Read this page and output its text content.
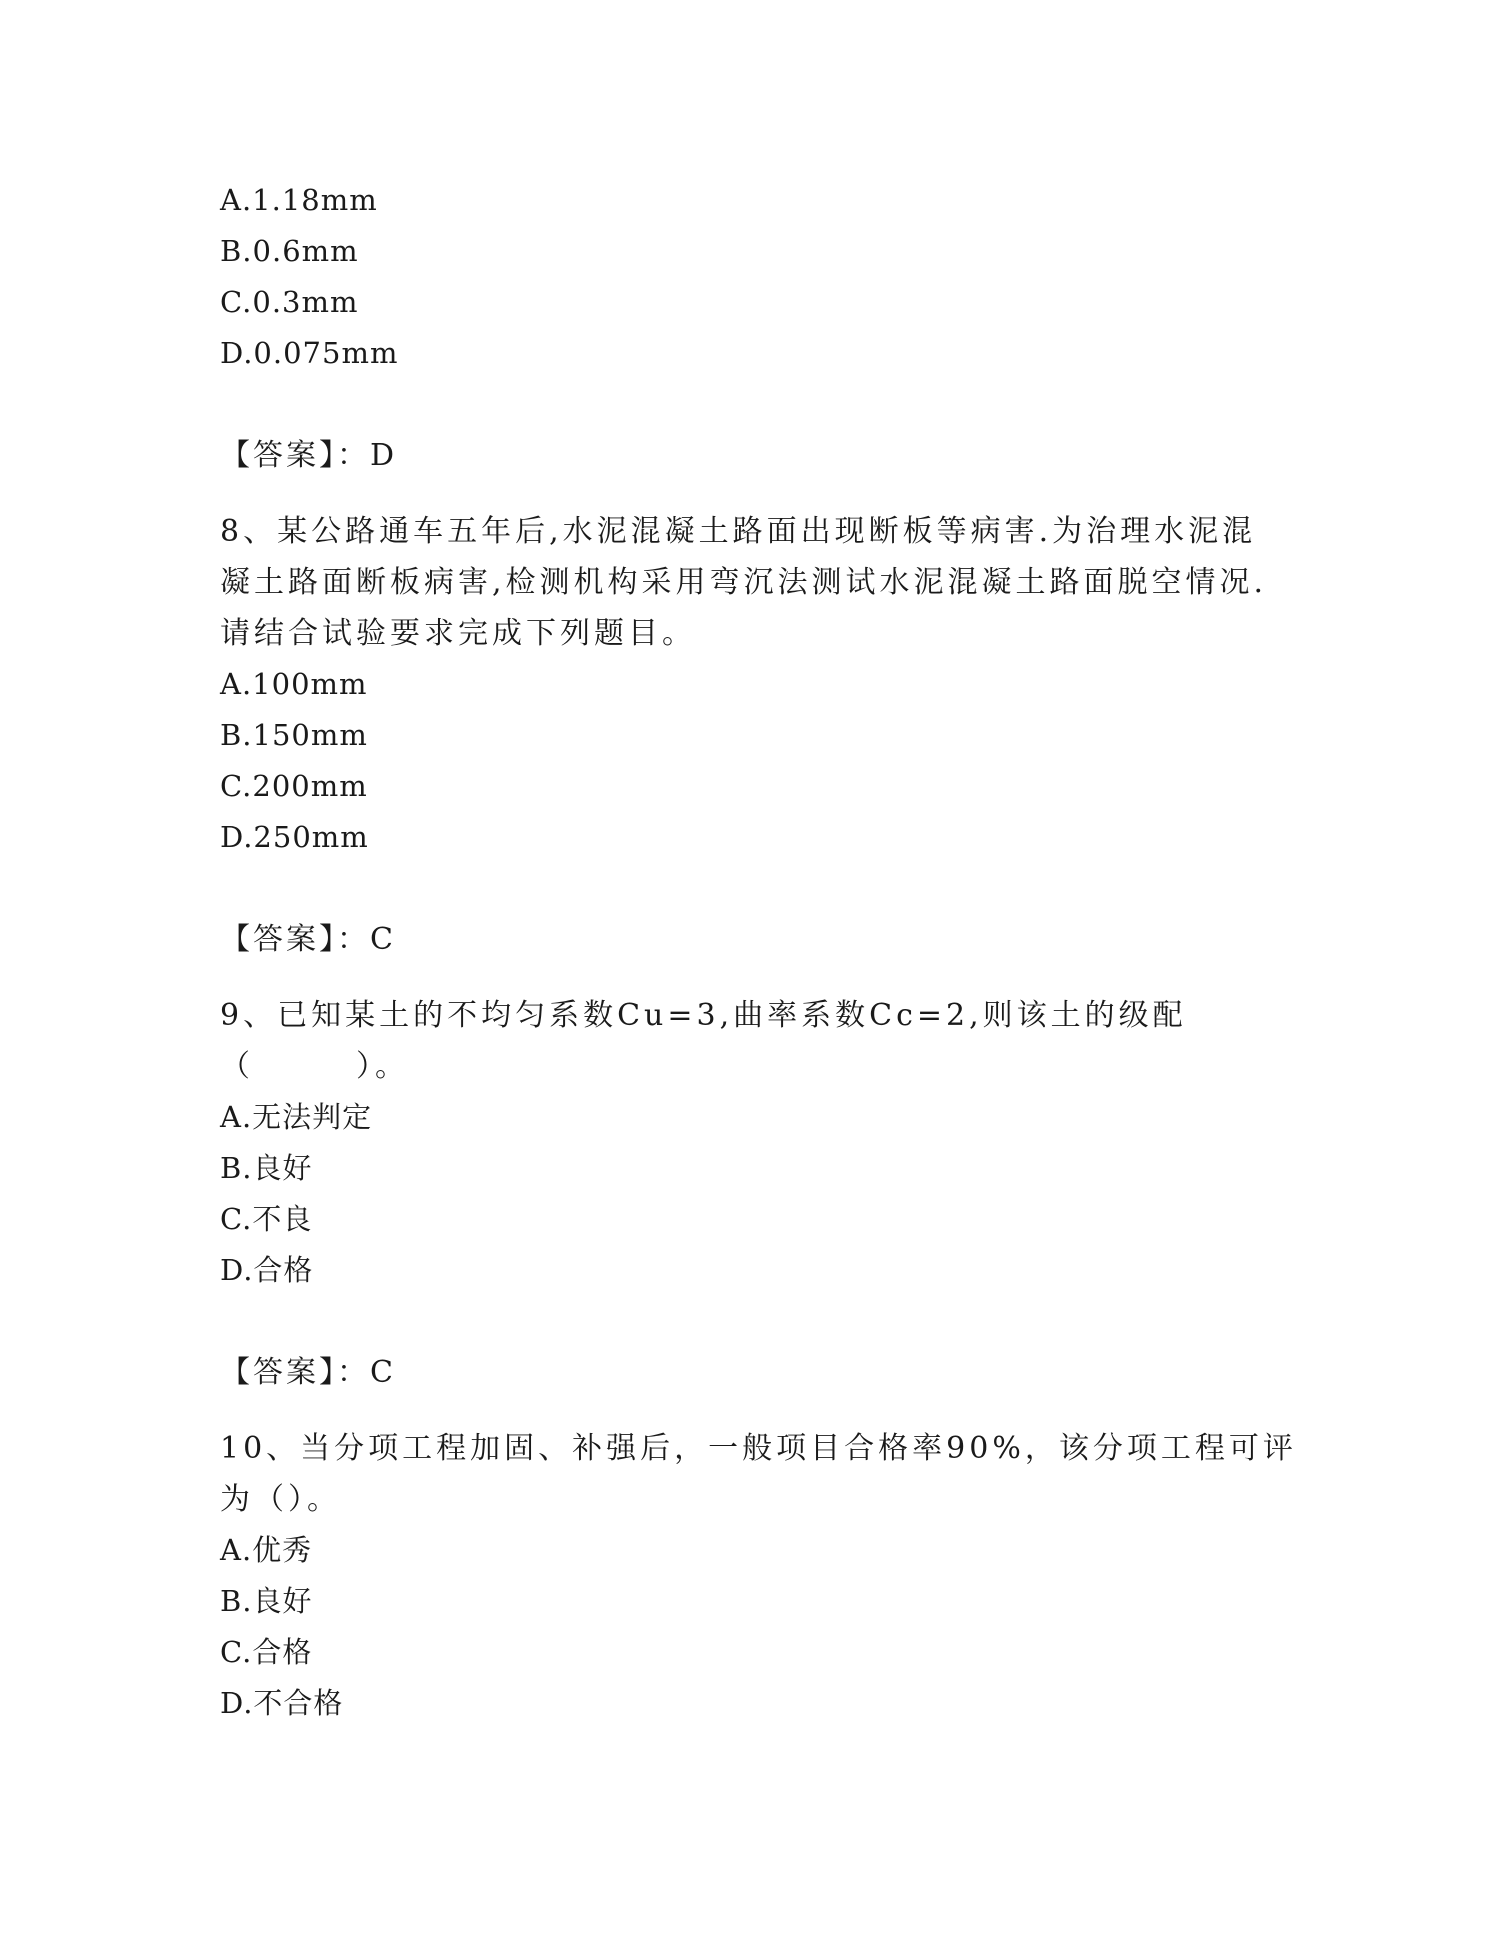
A.1.18mm
B.0.6mm
C.0.3mm
D.0.075mm
【答案】：D
8、某公路通车五年后,水泥混凝土路面出现断板等病害.为治理水泥混
凝土路面断板病害,检测机构采用弯沉法测试水泥混凝土路面脱空情况.
请结合试验要求完成下列题目。
A.100mm
B.150mm
C.200mm
D.250mm
【答案】：C
9、已知某土的不均匀系数Cu=3,曲率系数Cc=2,则该土的级配
（　　　）。
A.无法判定
B.良好
C.不良
D.合格
【答案】：C
10、当分项工程加固、补强后，一般项目合格率90%，该分项工程可评
为（）。
A.优秀
B.良好
C.合格
D.不合格
